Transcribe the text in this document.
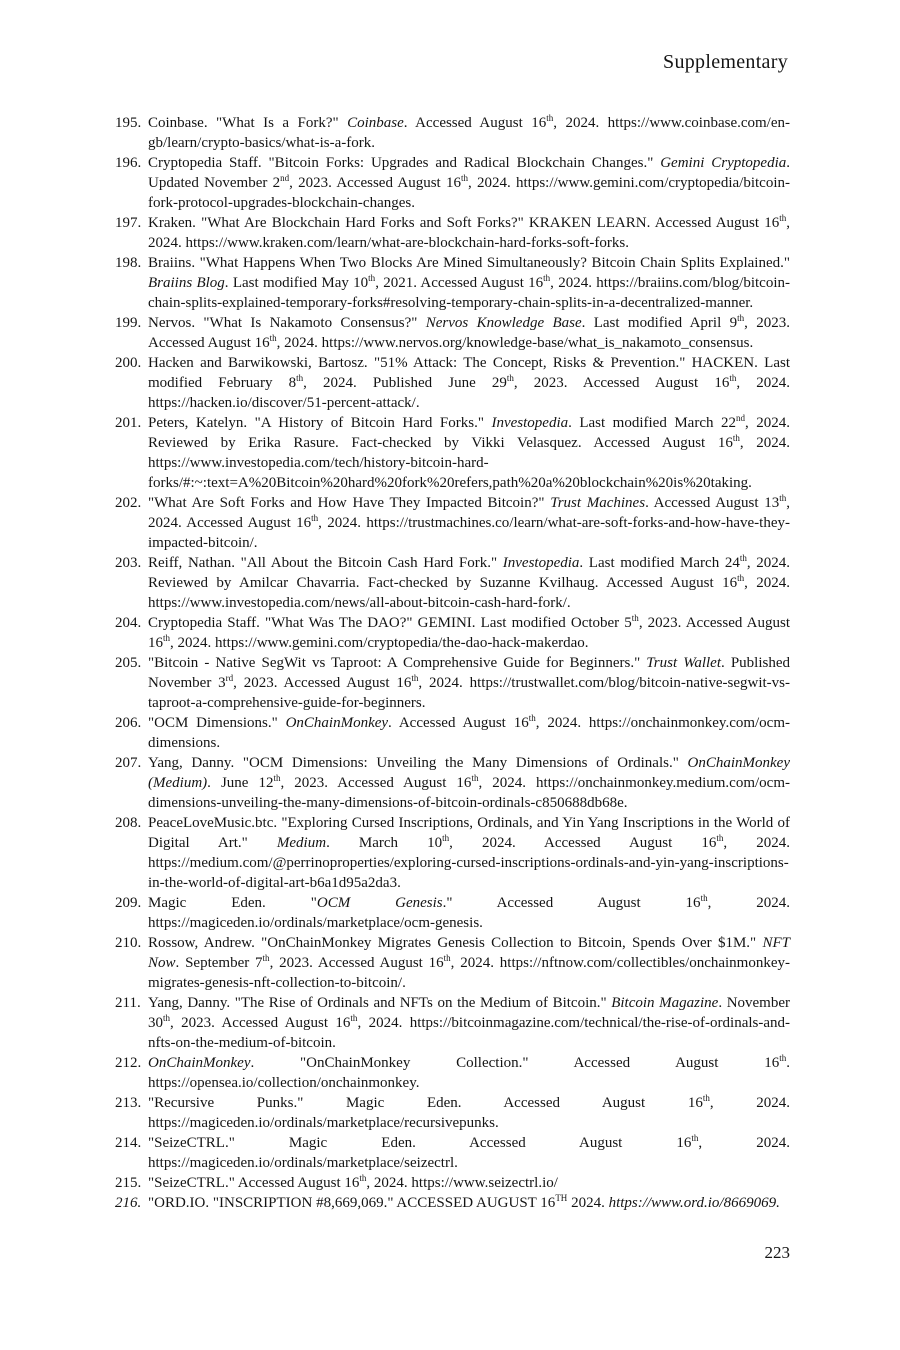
Supplementary
195. Coinbase. "What Is a Fork?" Coinbase. Accessed August 16th, 2024. https://www.coinbase.com/en-gb/learn/crypto-basics/what-is-a-fork.
196. Cryptopedia Staff. "Bitcoin Forks: Upgrades and Radical Blockchain Changes." Gemini Cryptopedia. Updated November 2nd, 2023. Accessed August 16th, 2024. https://www.gemini.com/cryptopedia/bitcoin-fork-protocol-upgrades-blockchain-changes.
197. Kraken. "What Are Blockchain Hard Forks and Soft Forks?" KRAKEN LEARN. Accessed August 16th, 2024. https://www.kraken.com/learn/what-are-blockchain-hard-forks-soft-forks.
198. Braiins. "What Happens When Two Blocks Are Mined Simultaneously? Bitcoin Chain Splits Explained." Braiins Blog. Last modified May 10th, 2021. Accessed August 16th, 2024. https://braiins.com/blog/bitcoin-chain-splits-explained-temporary-forks#resolving-temporary-chain-splits-in-a-decentralized-manner.
199. Nervos. "What Is Nakamoto Consensus?" Nervos Knowledge Base. Last modified April 9th, 2023. Accessed August 16th, 2024. https://www.nervos.org/knowledge-base/what_is_nakamoto_consensus.
200. Hacken and Barwikowski, Bartosz. "51% Attack: The Concept, Risks & Prevention." HACKEN. Last modified February 8th, 2024. Published June 29th, 2023. Accessed August 16th, 2024. https://hacken.io/discover/51-percent-attack/.
201. Peters, Katelyn. "A History of Bitcoin Hard Forks." Investopedia. Last modified March 22nd, 2024. Reviewed by Erika Rasure. Fact-checked by Vikki Velasquez. Accessed August 16th, 2024. https://www.investopedia.com/tech/history-bitcoin-hard-forks/#:~:text=A%20Bitcoin%20hard%20fork%20refers,path%20a%20blockchain%20is%20taking.
202. "What Are Soft Forks and How Have They Impacted Bitcoin?" Trust Machines. Accessed August 13th, 2024. Accessed August 16th, 2024. https://trustmachines.co/learn/what-are-soft-forks-and-how-have-they-impacted-bitcoin/.
203. Reiff, Nathan. "All About the Bitcoin Cash Hard Fork." Investopedia. Last modified March 24th, 2024. Reviewed by Amilcar Chavarria. Fact-checked by Suzanne Kvilhaug. Accessed August 16th, 2024. https://www.investopedia.com/news/all-about-bitcoin-cash-hard-fork/.
204. Cryptopedia Staff. "What Was The DAO?" GEMINI. Last modified October 5th, 2023. Accessed August 16th, 2024. https://www.gemini.com/cryptopedia/the-dao-hack-makerdao.
205. "Bitcoin - Native SegWit vs Taproot: A Comprehensive Guide for Beginners." Trust Wallet. Published November 3rd, 2023. Accessed August 16th, 2024. https://trustwallet.com/blog/bitcoin-native-segwit-vs-taproot-a-comprehensive-guide-for-beginners.
206. "OCM Dimensions." OnChainMonkey. Accessed August 16th, 2024. https://onchainmonkey.com/ocm-dimensions.
207. Yang, Danny. "OCM Dimensions: Unveiling the Many Dimensions of Ordinals." OnChainMonkey (Medium). June 12th, 2023. Accessed August 16th, 2024. https://onchainmonkey.medium.com/ocm-dimensions-unveiling-the-many-dimensions-of-bitcoin-ordinals-c850688db68e.
208. PeaceLoveMusic.btc. "Exploring Cursed Inscriptions, Ordinals, and Yin Yang Inscriptions in the World of Digital Art." Medium. March 10th, 2024. Accessed August 16th, 2024. https://medium.com/@perrinoproperties/exploring-cursed-inscriptions-ordinals-and-yin-yang-inscriptions-in-the-world-of-digital-art-b6a1d95a2da3.
209. Magic Eden. "OCM Genesis." Accessed August 16th, 2024. https://magiceden.io/ordinals/marketplace/ocm-genesis.
210. Rossow, Andrew. "OnChainMonkey Migrates Genesis Collection to Bitcoin, Spends Over $1M." NFT Now. September 7th, 2023. Accessed August 16th, 2024. https://nftnow.com/collectibles/onchainmonkey-migrates-genesis-nft-collection-to-bitcoin/.
211. Yang, Danny. "The Rise of Ordinals and NFTs on the Medium of Bitcoin." Bitcoin Magazine. November 30th, 2023. Accessed August 16th, 2024. https://bitcoinmagazine.com/technical/the-rise-of-ordinals-and-nfts-on-the-medium-of-bitcoin.
212. OnChainMonkey. "OnChainMonkey Collection." Accessed August 16th. https://opensea.io/collection/onchainmonkey.
213. "Recursive Punks." Magic Eden. Accessed August 16th, 2024. https://magiceden.io/ordinals/marketplace/recursivepunks.
214. "SeizeCTRL." Magic Eden. Accessed August 16th, 2024. https://magiceden.io/ordinals/marketplace/seizectrl.
215. "SeizeCTRL." Accessed August 16th, 2024. https://www.seizectrl.io/
216. "ORD.IO. "INSCRIPTION #8,669,069." ACCESSED AUGUST 16TH 2024. https://www.ord.io/8669069.
223
